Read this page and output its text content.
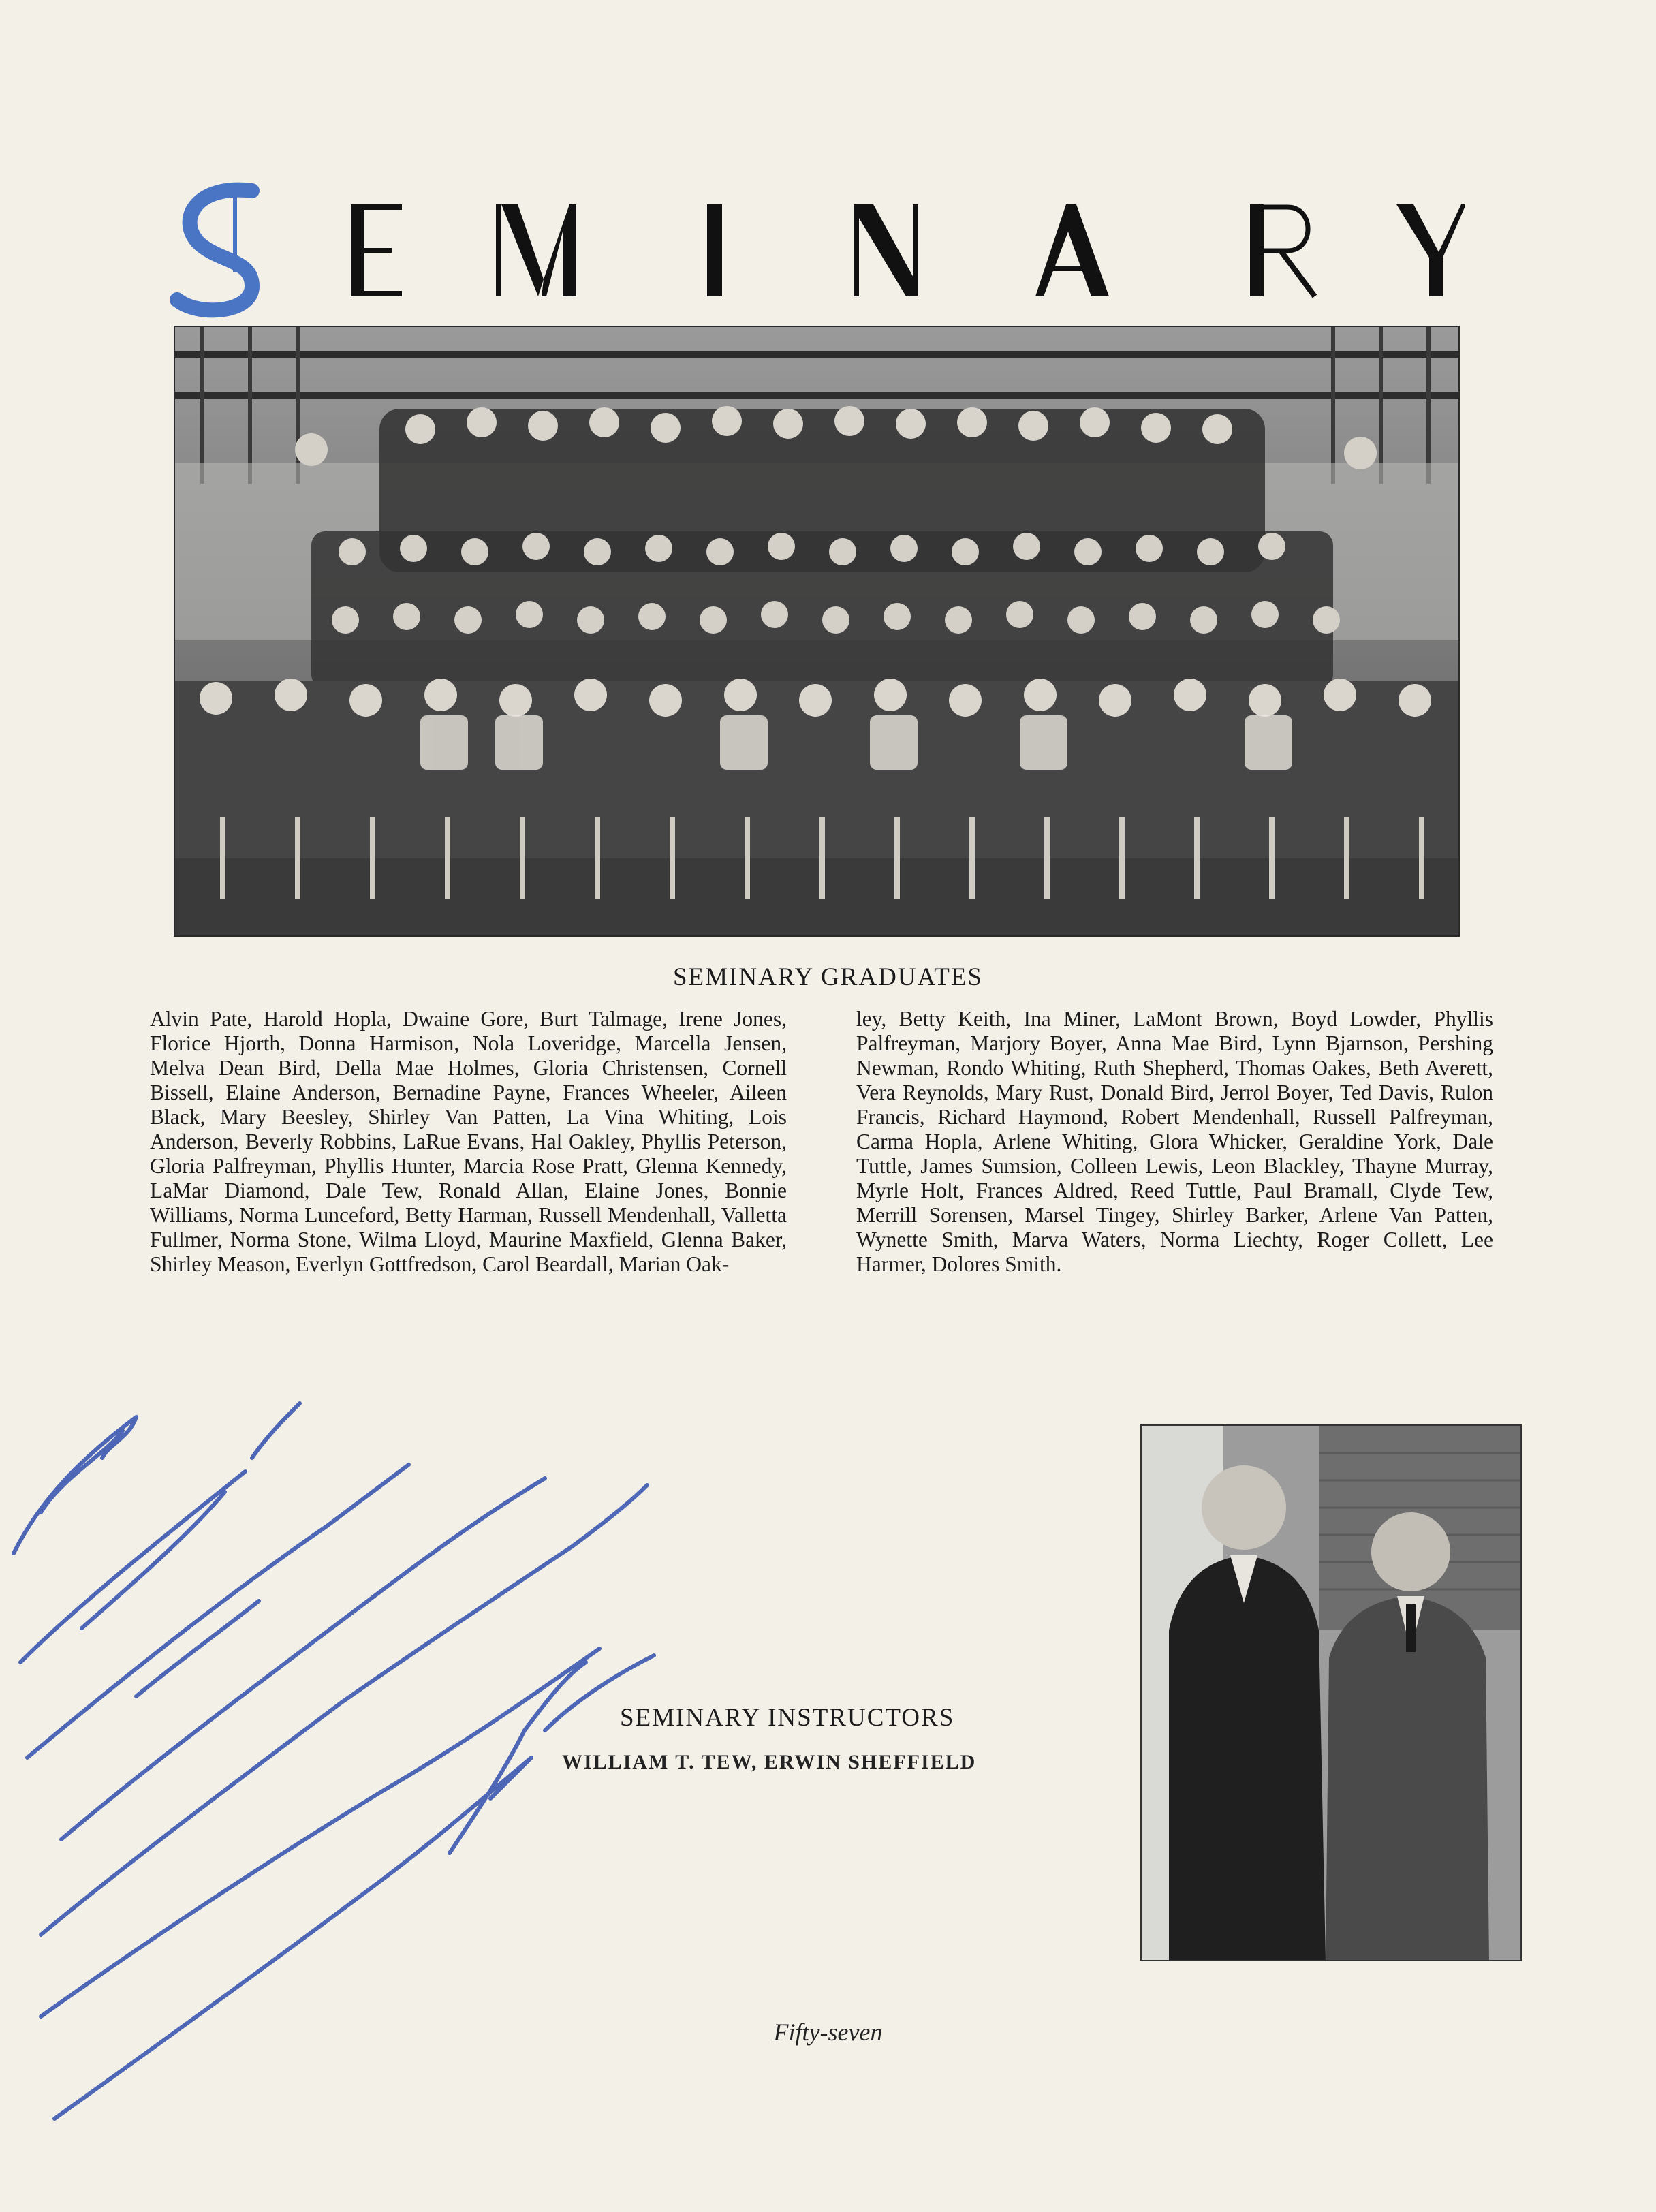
SEMINARY GRADUATES
Alvin Pate, Harold Hopla, Dwaine Gore, Burt Talmage, Irene Jones, Florice Hjorth, Donna Harmison, Nola Loveridge, Marcella Jensen, Melva Dean Bird, Della Mae Holmes, Gloria Christensen, Cornell Bissell, Elaine Anderson, Bernadine Payne, Frances Wheeler, Aileen Black, Mary Beesley, Shirley Van Patten, La Vina Whiting, Lois Anderson, Beverly Robbins, LaRue Evans, Hal Oakley, Phyllis Peterson, Gloria Palfreyman, Phyllis Hunter, Marcia Rose Pratt, Glenna Kennedy, LaMar Diamond, Dale Tew, Ronald Allan, Elaine Jones, Bonnie Williams, Norma Lunceford, Betty Harman, Russell Mendenhall, Valletta Fullmer, Norma Stone, Wilma Lloyd, Maurine Maxfield, Glenna Baker, Shirley Meason, Everlyn Gottfredson, Carol Beardall, Marian Oak-
ley, Betty Keith, Ina Miner, LaMont Brown, Boyd Lowder, Phyllis Palfreyman, Marjory Boyer, Anna Mae Bird, Lynn Bjarnson, Pershing Newman, Rondo Whiting, Ruth Shepherd, Thomas Oakes, Beth Averett, Vera Reynolds, Mary Rust, Donald Bird, Jerrol Boyer, Ted Davis, Rulon Francis, Richard Haymond, Robert Mendenhall, Russell Palfreyman, Carma Hopla, Arlene Whiting, Glora Whicker, Geraldine York, Dale Tuttle, James Sumsion, Colleen Lewis, Leon Blackley, Thayne Murray, Myrle Holt, Frances Aldred, Reed Tuttle, Paul Bramall, Clyde Tew, Merrill Sorensen, Marsel Tingey, Shirley Barker, Arlene Van Patten, Wynette Smith, Marva Waters, Norma Liechty, Roger Collett, Lee Harmer, Dolores Smith.
SEMINARY INSTRUCTORS
WILLIAM T. TEW, ERWIN SHEFFIELD
Fifty-seven
